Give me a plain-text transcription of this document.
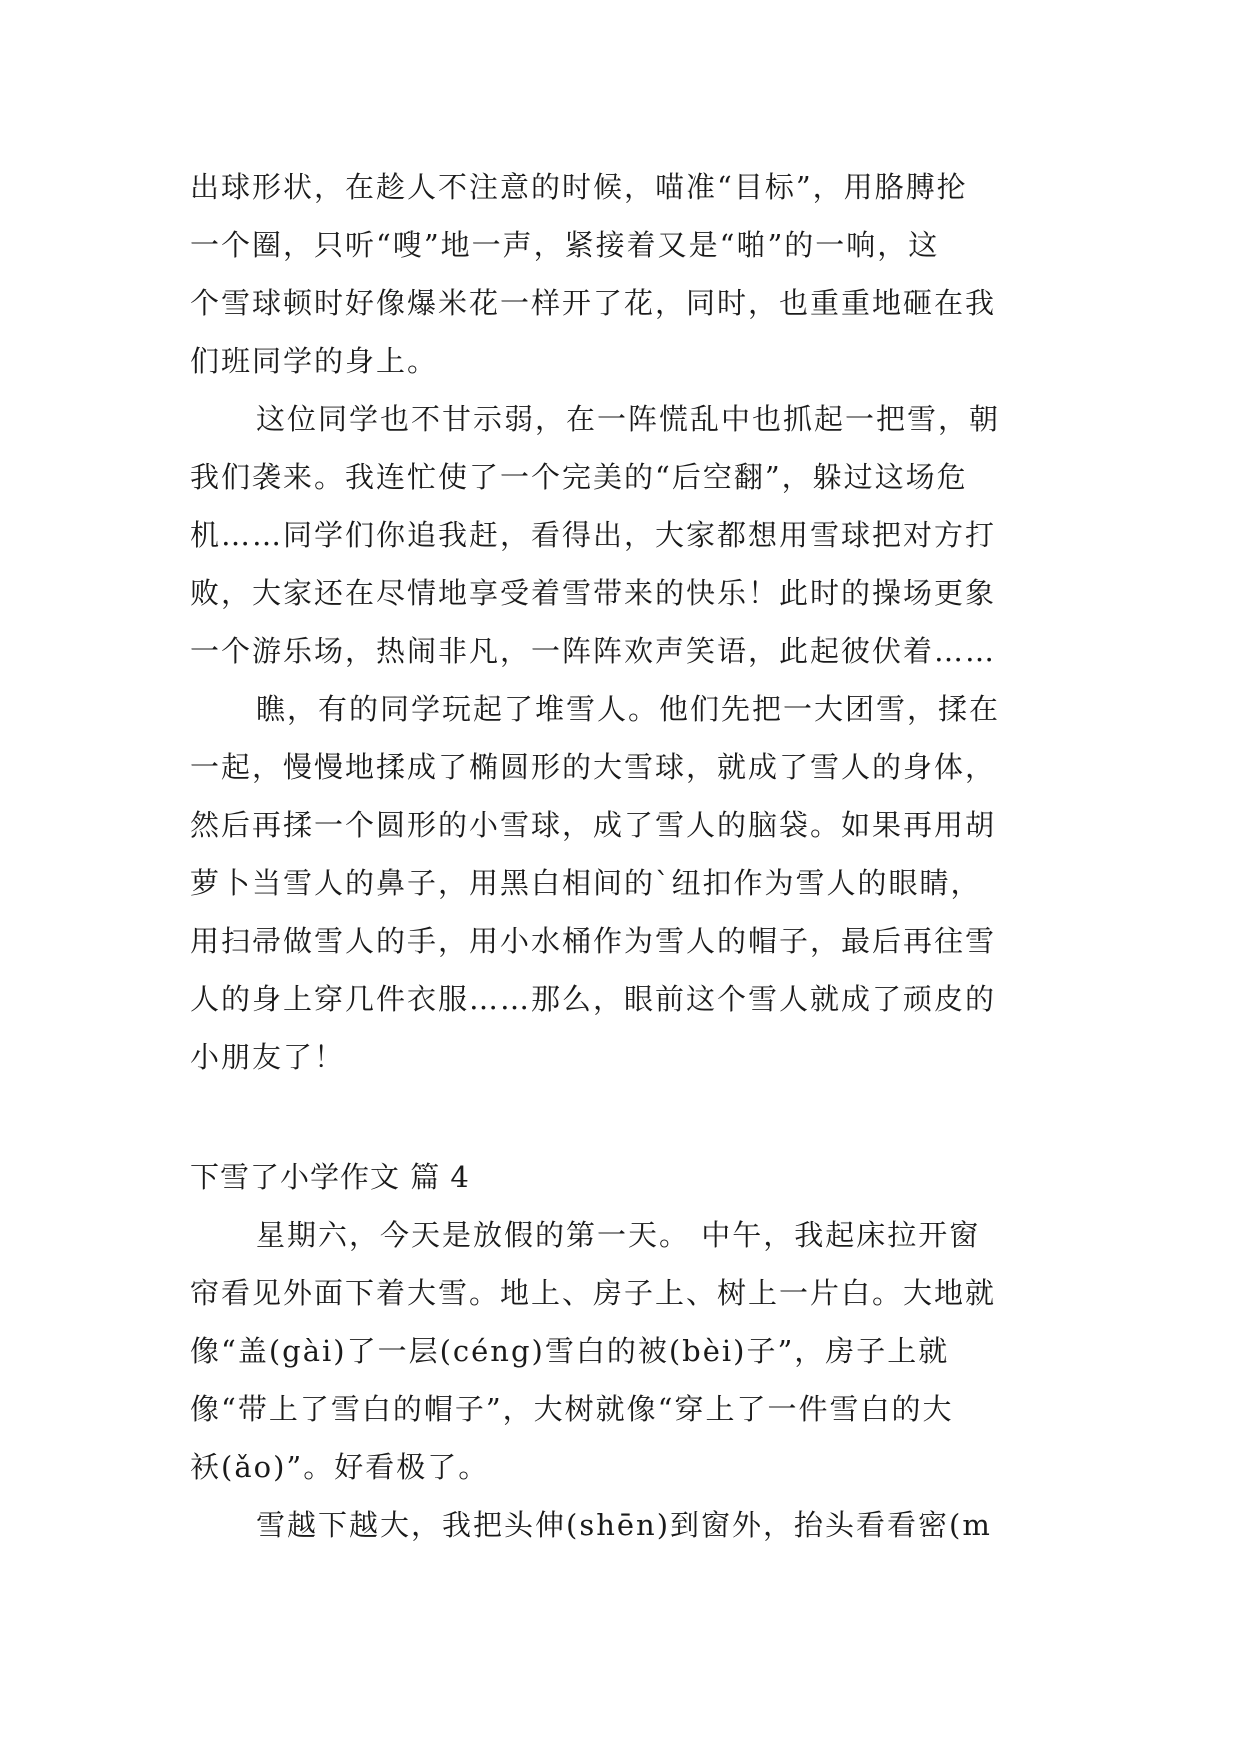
出球形状，在趁人不注意的时候，喵准“目标”，用胳膊抡
一个圈，只听“嗖”地一声，紧接着又是“啪”的一响，这
个雪球顿时好像爆米花一样开了花，同时，也重重地砸在我
们班同学的身上。
这位同学也不甘示弱，在一阵慌乱中也抓起一把雪，朝
我们袭来。我连忙使了一个完美的“后空翻”，躲过这场危
机……同学们你追我赶，看得出，大家都想用雪球把对方打
败，大家还在尽情地享受着雪带来的快乐！此时的操场更象
一个游乐场，热闹非凡，一阵阵欢声笑语，此起彼伏着……
瞧，有的同学玩起了堆雪人。他们先把一大团雪，揉在
一起，慢慢地揉成了椭圆形的大雪球，就成了雪人的身体，
然后再揉一个圆形的小雪球，成了雪人的脑袋。如果再用胡
萝卜当雪人的鼻子，用黑白相间的`纽扣作为雪人的眼睛，
用扫帚做雪人的手，用小水桶作为雪人的帽子，最后再往雪
人的身上穿几件衣服……那么，眼前这个雪人就成了顽皮的
小朋友了！
下雪了小学作文 篇 4
星期六，今天是放假的第一天。 中午，我起床拉开窗
帘看见外面下着大雪。地上、房子上、树上一片白。大地就
像“盖(gài)了一层(céng)雪白的被(bèi)子”，房子上就
像“带上了雪白的帽子”，大树就像“穿上了一件雪白的大
袄(ǎo)”。好看极了。
雪越下越大，我把头伸(shēn)到窗外，抬头看看密(m
